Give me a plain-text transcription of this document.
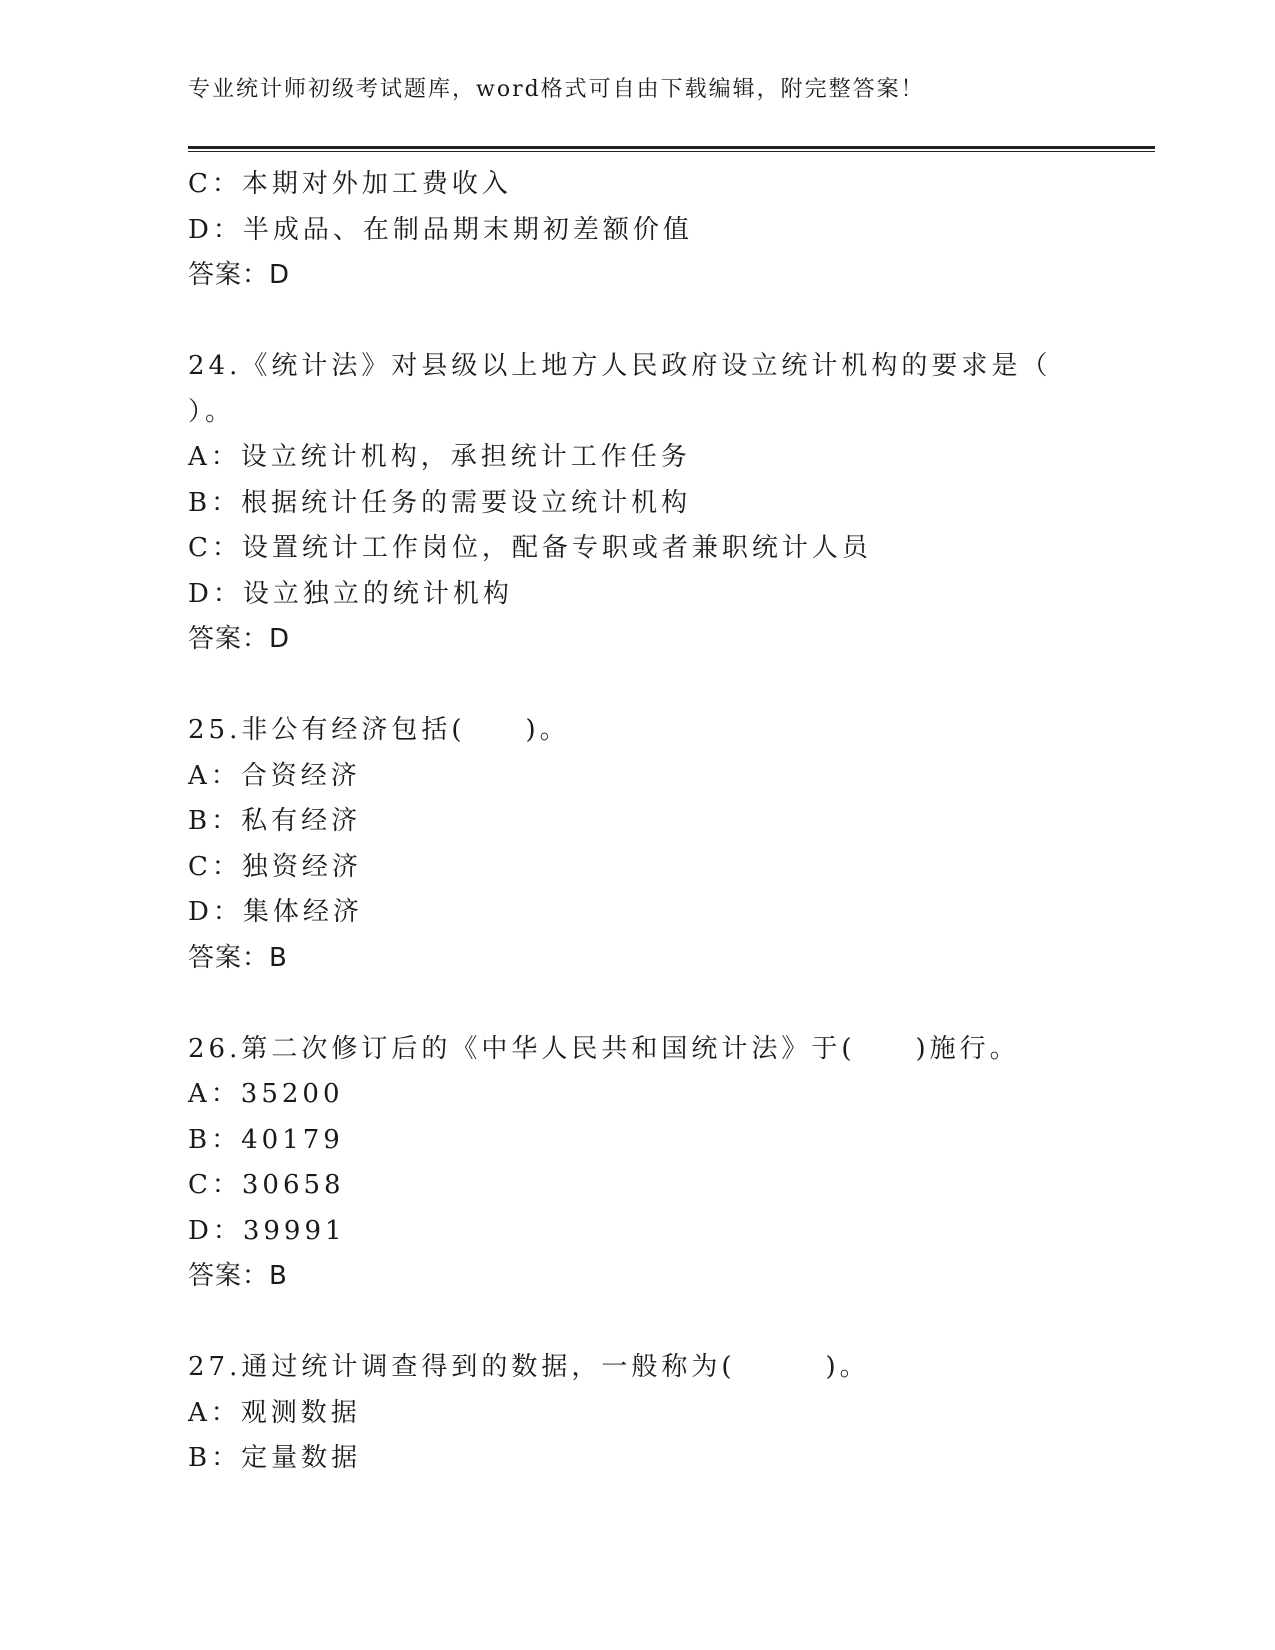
专业统计师初级考试题库，word格式可自由下载编辑，附完整答案！
C：本期对外加工费收入
D：半成品、在制品期末期初差额价值
答案：D
24.《统计法》对县级以上地方人民政府设立统计机构的要求是（
）。
A：设立统计机构，承担统计工作任务
B：根据统计任务的需要设立统计机构
C：设置统计工作岗位，配备专职或者兼职统计人员
D：设立独立的统计机构
答案：D
25.非公有经济包括(　　)。
A：合资经济
B：私有经济
C：独资经济
D：集体经济
答案：B
26.第二次修订后的《中华人民共和国统计法》于(　　)施行。
A：35200
B：40179
C：30658
D：39991
答案：B
27.通过统计调查得到的数据，一般称为(　　　)。
A：观测数据
B：定量数据
